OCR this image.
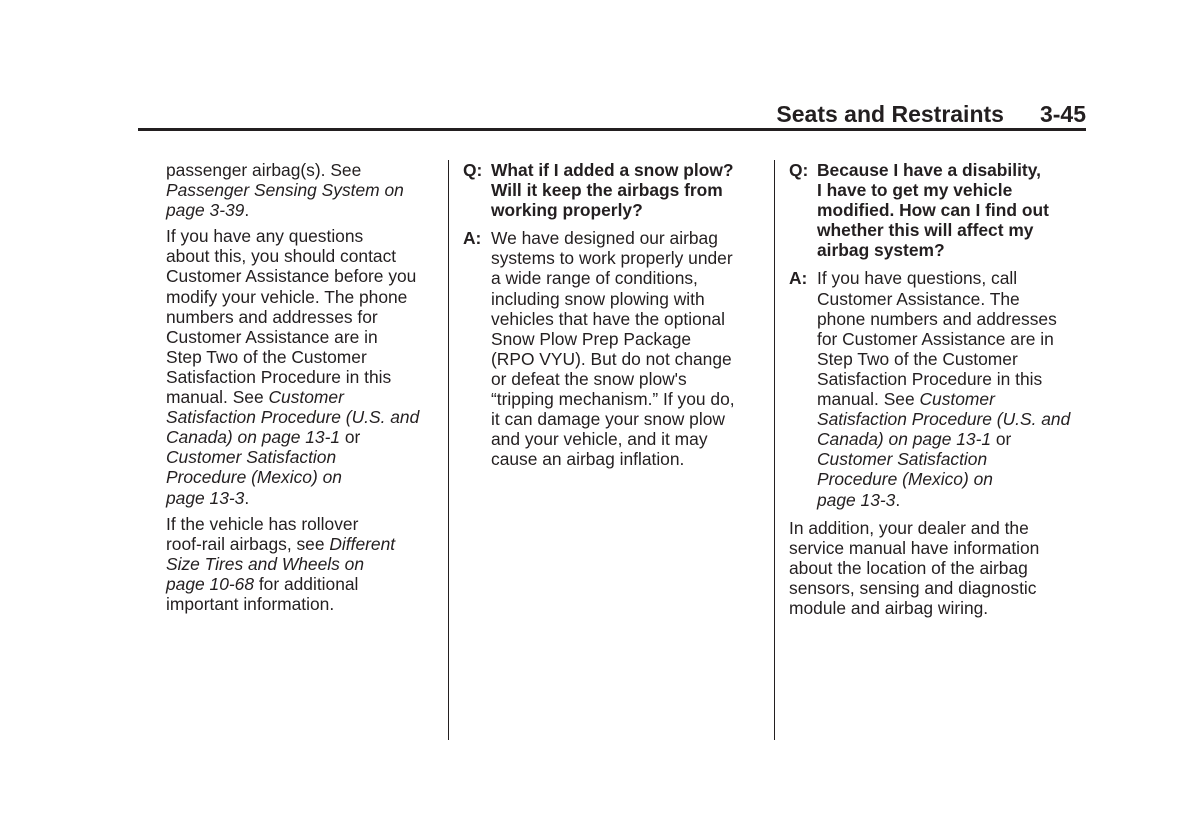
Seats and Restraints 3-45

passenger airbag(s). See
Passenger Sensing System on
page 3-39.

If you have any questions
about this, you should contact
Customer Assistance before you
modify your vehicle. The phone
numbers and addresses for
Customer Assistance are in
Step Two of the Customer
Satisfaction Procedure in this
manual. See Customer
Satisfaction Procedure (U.S. and
Canada) on page 13-1 or
Customer Satisfaction
Procedure (Mexico) on
page 13-3.

If the vehicle has rollover
roof-rail airbags, see Different
Size Tires and Wheels on
page 10-68 for additional
important information.

Q: What if I added a snow plow?
Will it keep the airbags from
working properly?
A: We have designed our airbag
systems to work properly under
a wide range of conditions,
including snow plowing with
vehicles that have the optional
Snow Plow Prep Package
(RPO VYU). But do not change
or defeat the snow plow's
“tripping mechanism.” If you do,
it can damage your snow plow
and your vehicle, and it may
cause an airbag inflation.
Q: Because I have a disability,
I have to get my vehicle
modified. How can I find out
whether this will affect my
airbag system?
A: If you have questions, call
Customer Assistance. The
phone numbers and addresses
for Customer Assistance are in
Step Two of the Customer
Satisfaction Procedure in this
manual. See Customer
Satisfaction Procedure (U.S. and
Canada) on page 13-1 or
Customer Satisfaction
Procedure (Mexico) on
page 13-3.

In addition, your dealer and the
service manual have information
about the location of the airbag
sensors, sensing and diagnostic
module and airbag wiring.
